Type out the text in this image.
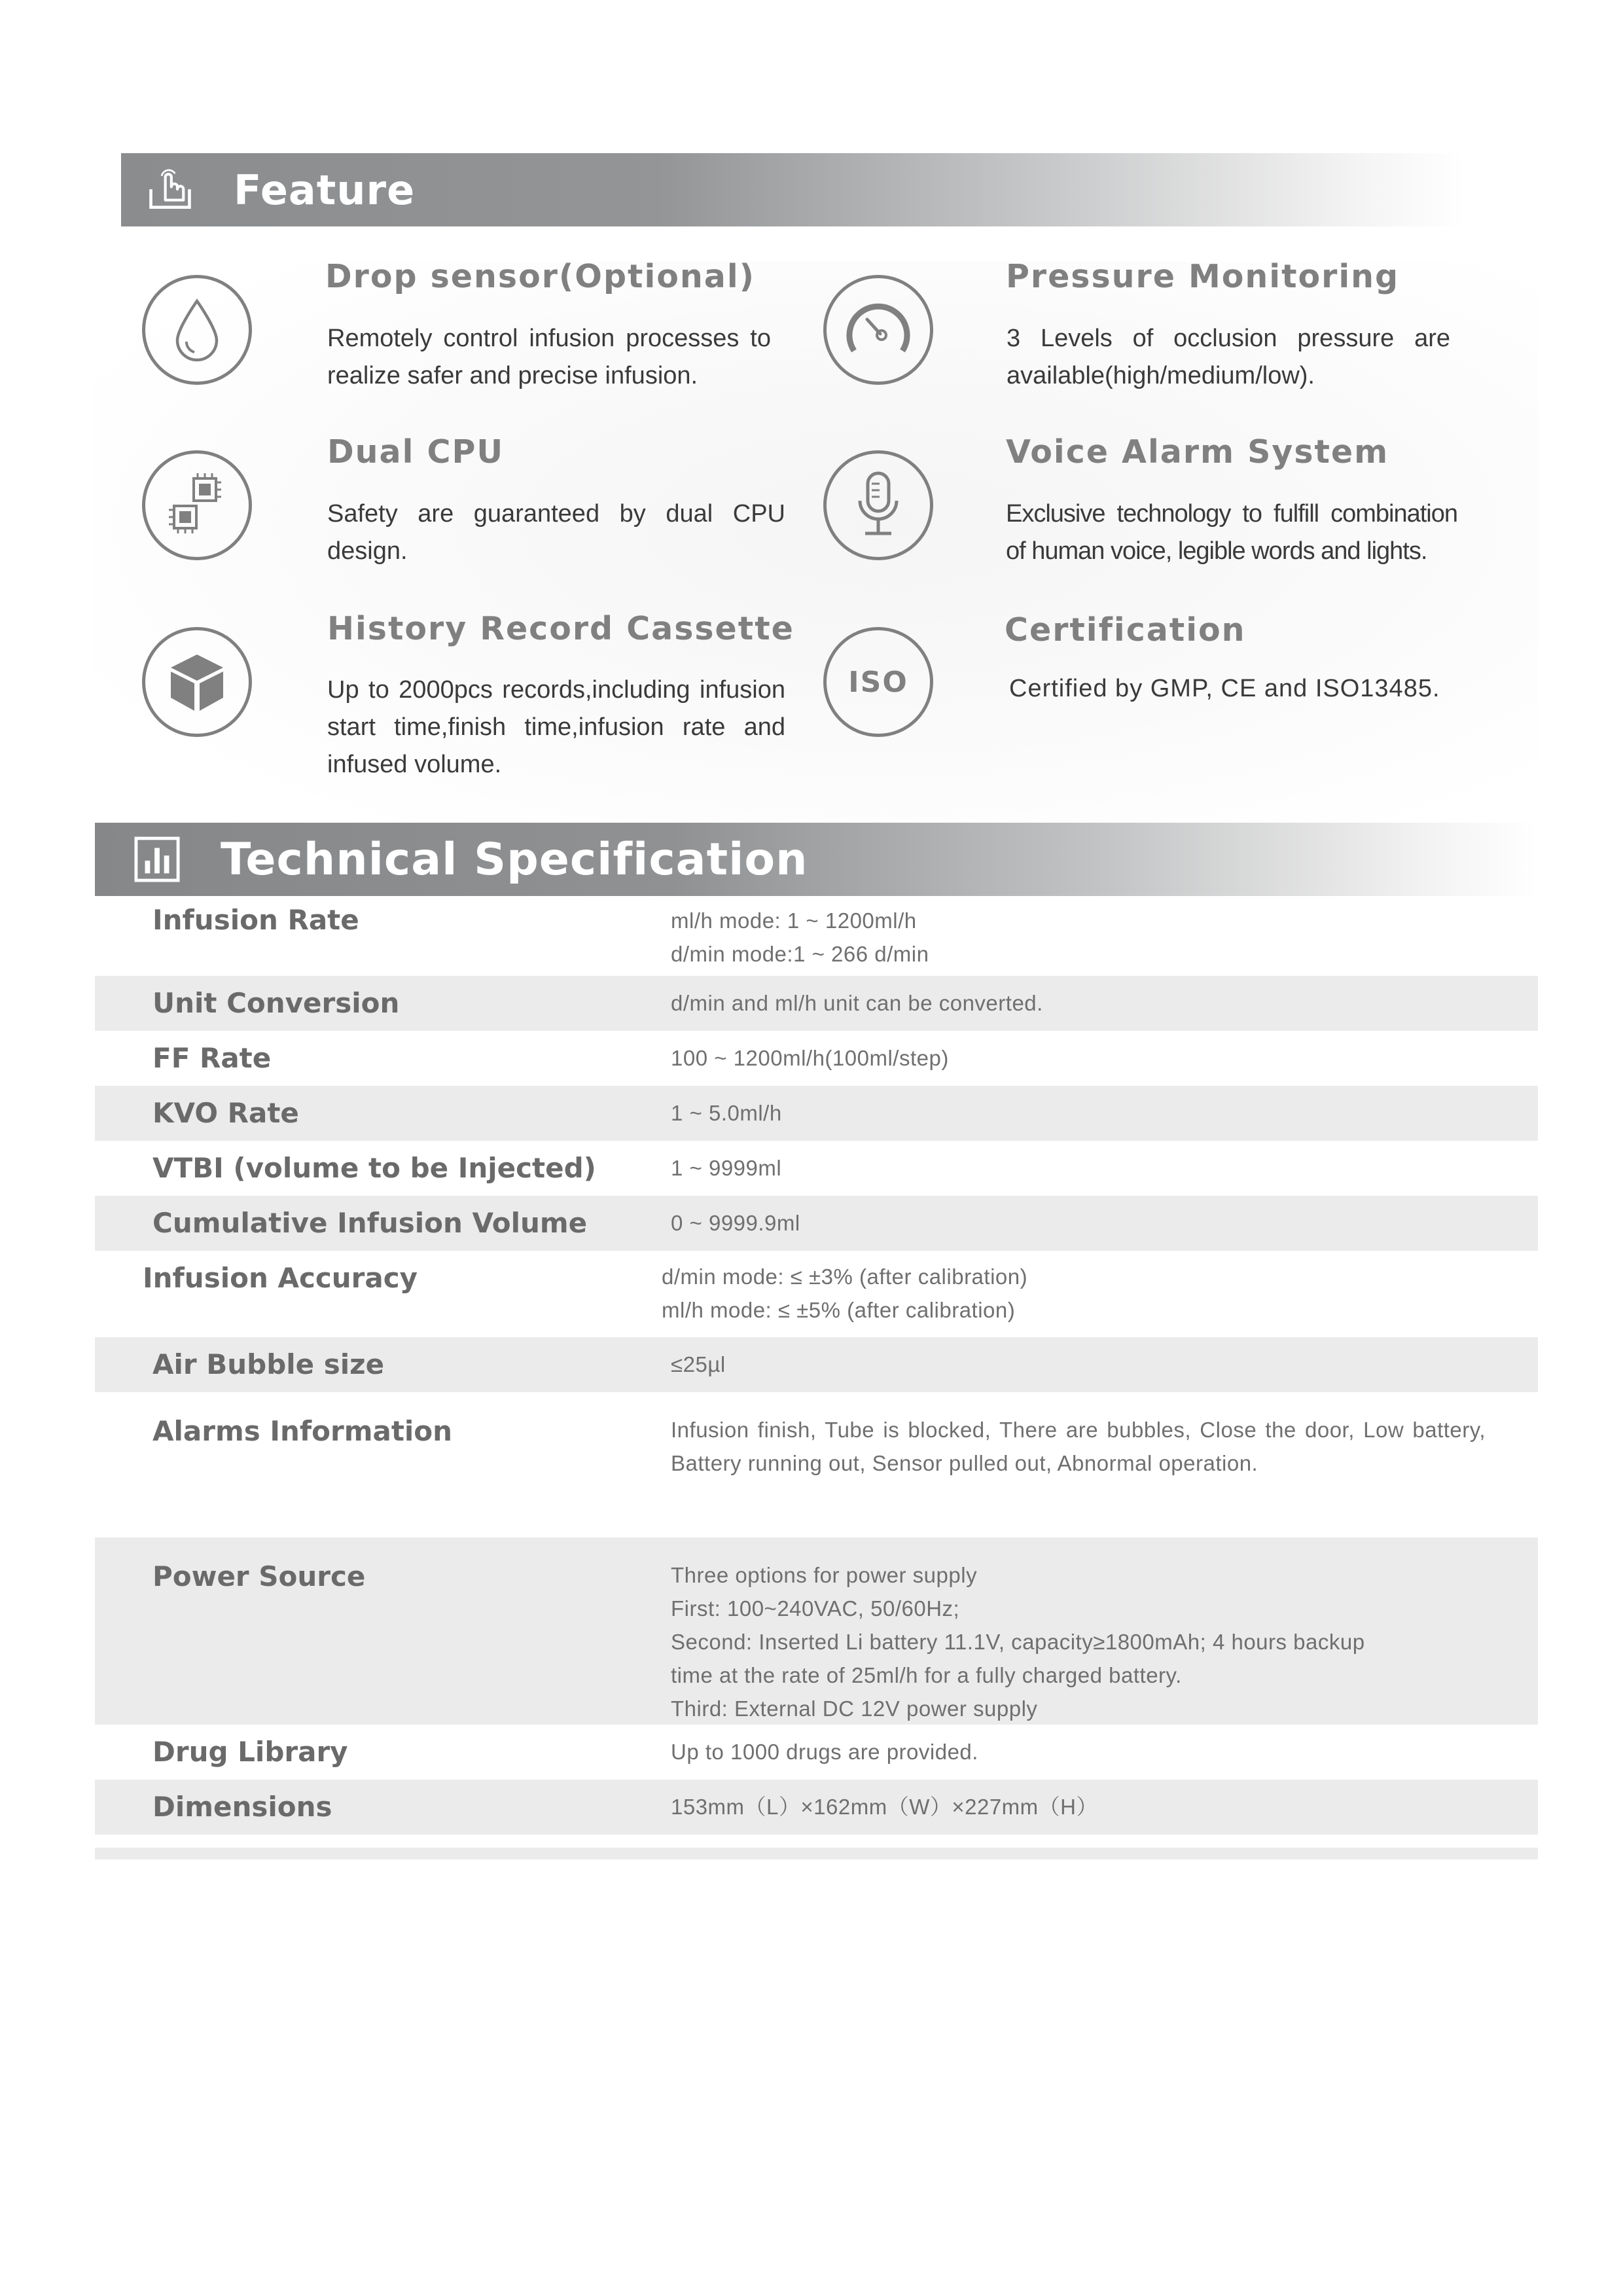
Feature
Drop sensor(Optional)
Remotely control infusion processes to realize safer and precise infusion.
Pressure Monitoring
3 Levels of occlusion pressure are available(high/medium/low).
Dual CPU
Safety are guaranteed by dual CPU design.
Voice Alarm System
Exclusive technology to fulfill combination of human voice, legible words and lights.
History Record Cassette
Up to 2000pcs records,including infusion start time,finish time,infusion rate and infused volume.
ISO
Certification
Certified by GMP, CE and ISO13485.
Technical Specification
Infusion Rate	ml/h mode: 1 ~ 1200ml/h
d/min mode:1 ~ 266 d/min
Unit Conversion	d/min and ml/h unit can be converted.
FF Rate	100 ~ 1200ml/h(100ml/step)
KVO Rate	1 ~ 5.0ml/h
VTBI (volume to be Injected)	1 ~ 9999ml
Cumulative Infusion Volume	0 ~ 9999.9ml
Infusion Accuracy	d/min mode: ≤ ±3% (after calibration)
ml/h mode: ≤ ±5% (after calibration)
Air Bubble size	≤25µl
Alarms Information	Infusion finish, Tube is blocked, There are bubbles, Close the door, Low battery, Battery running out, Sensor pulled out, Abnormal operation.
Power Source	Three options for power supply
First: 100~240VAC, 50/60Hz;
Second: Inserted Li battery 11.1V, capacity≥1800mAh; 4 hours backup
time at the rate of 25ml/h for a fully charged battery.
Third: External DC 12V power supply
Drug Library	Up to 1000 drugs are provided.
Dimensions	153mm（L）×162mm（W）×227mm（H）
